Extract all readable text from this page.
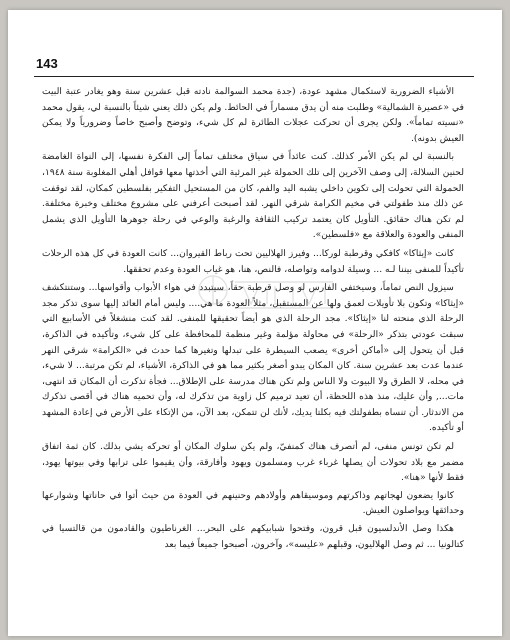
143

الأشياء الضرورية لاستكمال مشهد عودة، (جدة محمد السوالمة نادته قبل عشرين سنة وهو يغادر عتبة البيت في «عصيرة الشمالية» وطلبت منه أن يدق مسماراً في الحائط. ولم يكن ذلك يعني شيئاً بالنسبة لي، يقول محمد «نسيته تماماً». ولكن يجرى أن تحركت عجلات الطائرة لم كل شيء، وتوضح وأصبح خاصاً وضرورياً ولا يمكن العيش بدونه).

بالنسبة لي لم يكن الأمر كذلك. كنت عائداً في سياق مختلف تماماً إلى الفكرة نفسها، إلى النواة الغامضة لحنين السلالة، إلى وصف الآخرين إلى تلك الحمولة غير المرئية التي أخذتها معها قوافل أهلي المغلوبة سنة ١٩٤٨، الحمولة التي تحولت إلى تكوين داخلي يشبه اليد والفم، كان من المستحيل التفكير بفلسطين كمكان، لقد توقفت عن ذلك منذ طفولتي في مخيم الكرامة شرقي النهر. لقد أصبحت أعرفني على مشروع مختلف وخبرة مختلفة. لم تكن هناك حقائق. التأويل كان يعتمد تركيب الثقافة والرغبة والوعي في رحلة جوهرها التأويل الذي يشمل المنفى والعودة والعلاقة مع «فلسطين».

كانت «إيثاكا» كافكي وقرطبة لوركا... وفيرز الهلاليين تحت رباط القيروان... كانت العودة في كل هذه الرحلات تأكيداً للمنفى بيننا لـه ... وسيلة لدوامه وتواصله، فالنص، هنا، هو غياب العودة وعدم تحققها.

سيزول النص تماماً، وسيختفي الفارس لو وصل قرطبة حقاً، سيتبدد في هواء الأبواب وأقواسها... وستنتكشف «إيثاكا» وتكون بلا تأويلات لعمق ولها عن المستقبل، مثلاً العودة ما هي.... وليس أمام العائد إليها سوى تذكر مجد الرحلة الذي منحته لنا «إيثاكا». مجد الرحلة الذي هو أيضاً تحقيقها للمنفى. لقد كنت منشغلاً في الأسابيع التي سبقت عودتي بتذكر «الرحلة» في محاولة مؤلمة وغير منظمة للمحافظة على كل شيء، وتأكيده في الذاكرة، قبل أن يتحول إلى «أماكن أخرى» يصعب السيطرة على تبدلها وتغيرها كما حدث في «الكرامة» شرقي النهر عندما عدت بعد عشرين سنة. كان المكان يبدو أصغر بكثير مما هو في الذاكرة، الأشياء، لم تكن مرتبة... لا شيء، في محله، لا الطرق ولا البيوت ولا الناس ولم تكن هناك مدرسة على الإطلاق... فجأة تذكرت أن المكان قد انتهى، مات..., وأن عليك، منذ هذه اللحظة، أن تعيد ترميم كل زاوية من تذكرك له، وأن تحميه هناك في أقصى تذكرك من الاندثار. أن تنساه بطفولتك فيه بكلتا يديك، لأنك لن تتمكن، بعد الآن، من الإتكاء على الأرض في إعادة المشهد أو تأكيده.

لم تكن تونس منفى، لم أتصرف هناك كمنفيّ، ولم يكن سلوك المكان أو تحركه يشي بذلك. كان ثمة اتفاق مضمر مع بلاد تحولات أن يصلها غرباء غرب ومسلمون ويهود وأفارقة، وأن يقيموا على ترابها وفي بيوتها يهود، فقط لأنها «هنا».

كانوا يضعون لهجاتهم وذاكرتهم وموسيقاهم وأولادهم وحنينهم في العودة من حيث أتوا في حاناتها وشوارعها وحدائقها ويواصلون العيش.

هكذا وصل الأندلسيون قبل قرون، وفتحوا شبابيكهم على البحر... الغرناطيون والقادمون من قالتسيا في كتالونيا ... ثم وصل الهلاليون، وقبلهم «عليسه»، وآخرون، أصبحوا جميعاً فيما بعد
